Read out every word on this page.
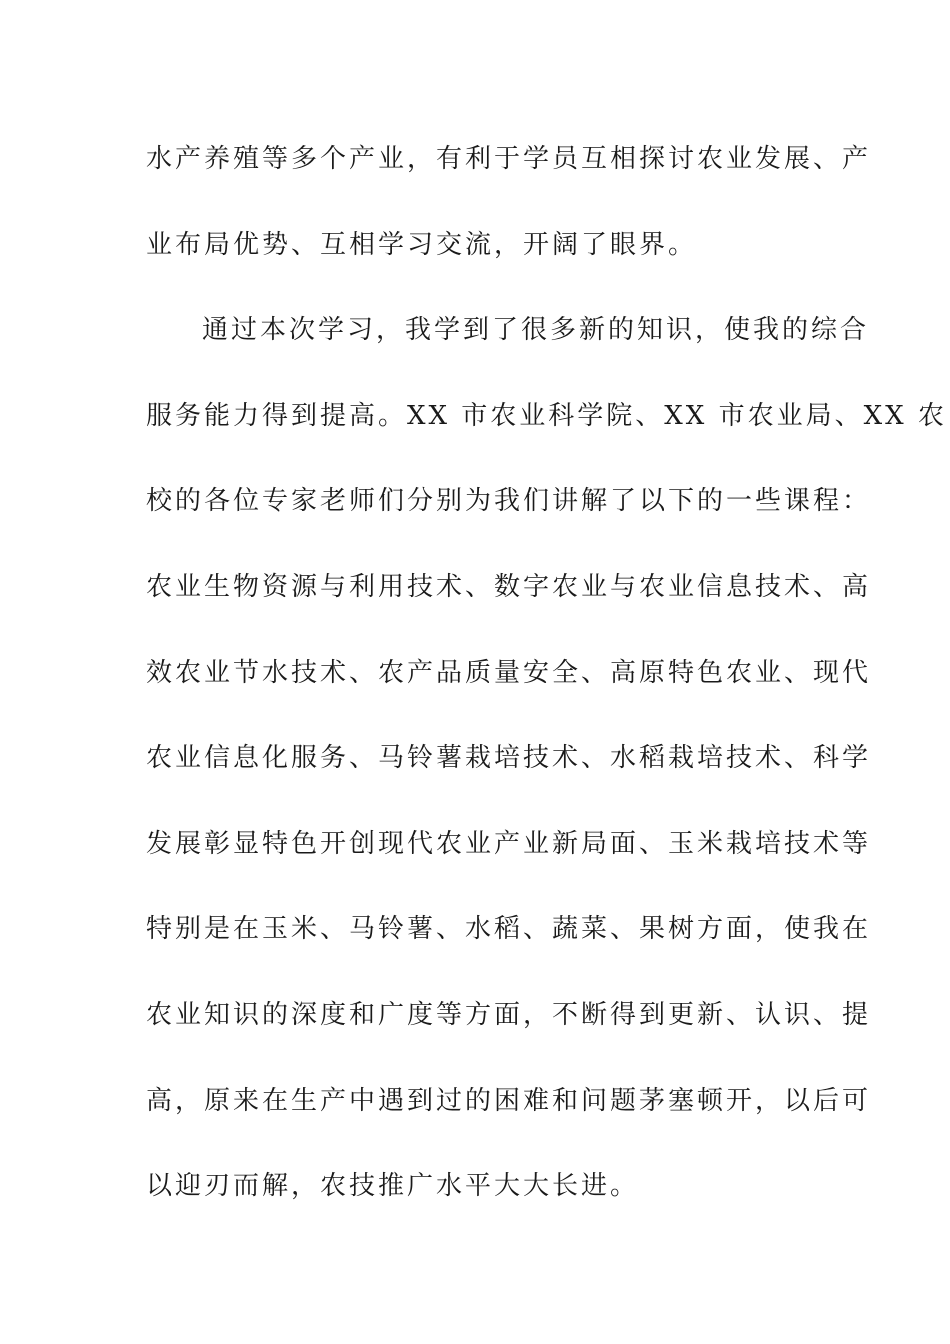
水产养殖等多个产业，有利于学员互相探讨农业发展、产
业布局优势、互相学习交流，开阔了眼界。
通过本次学习，我学到了很多新的知识，使我的综合
服务能力得到提高。XX 市农业科学院、XX 市农业局、XX 农
校的各位专家老师们分别为我们讲解了以下的一些课程：
农业生物资源与利用技术、数字农业与农业信息技术、高
效农业节水技术、农产品质量安全、高原特色农业、现代
农业信息化服务、马铃薯栽培技术、水稻栽培技术、科学
发展彰显特色开创现代农业产业新局面、玉米栽培技术等
特别是在玉米、马铃薯、水稻、蔬菜、果树方面，使我在
农业知识的深度和广度等方面，不断得到更新、认识、提
高，原来在生产中遇到过的困难和问题茅塞顿开，以后可
以迎刃而解，农技推广水平大大长进。
